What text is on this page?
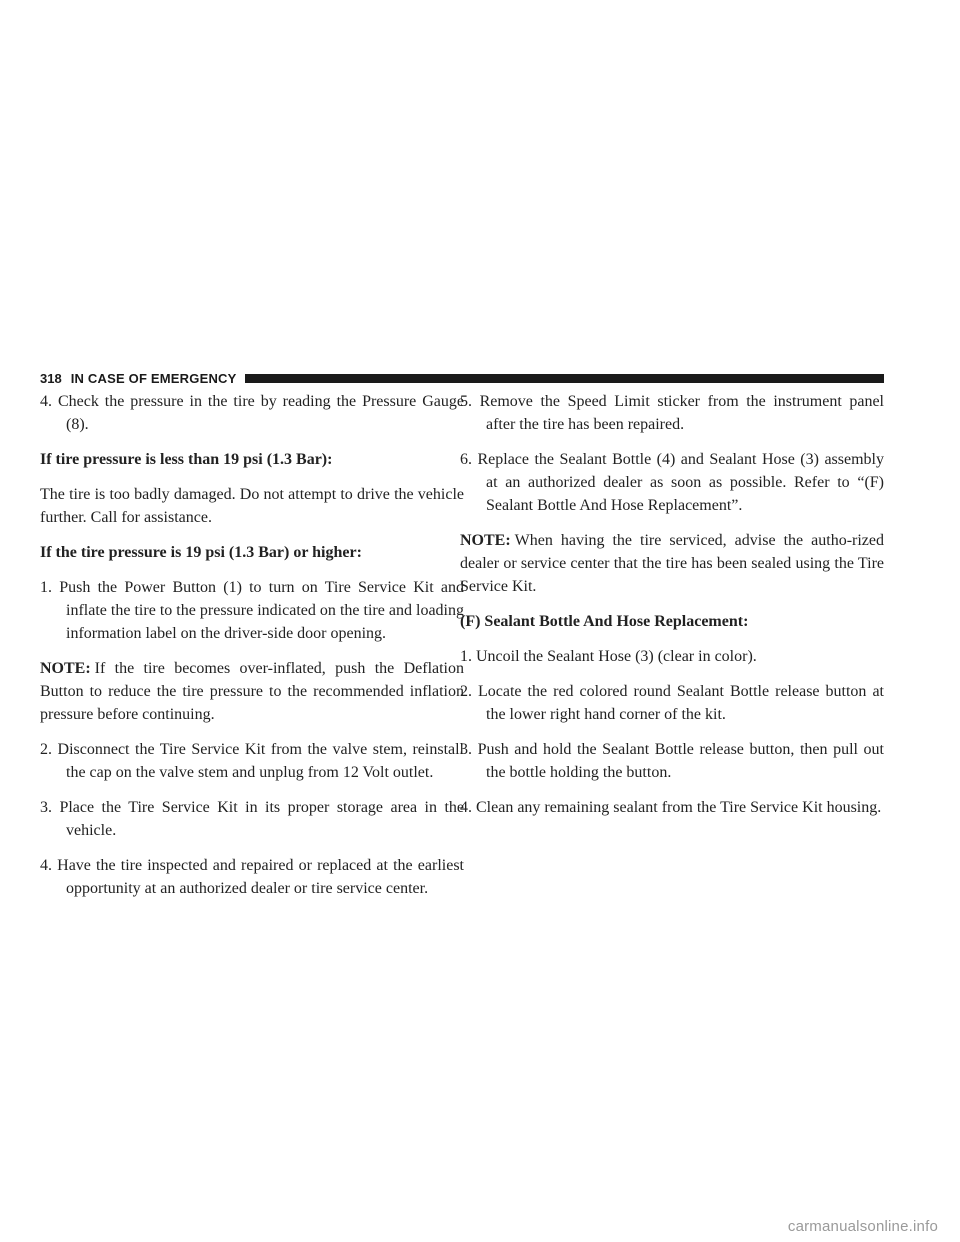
318 IN CASE OF EMERGENCY

4. Check the pressure in the tire by reading the Pressure Gauge (8).

If tire pressure is less than 19 psi (1.3 Bar):

The tire is too badly damaged. Do not attempt to drive the vehicle further. Call for assistance.

If the tire pressure is 19 psi (1.3 Bar) or higher:

1. Push the Power Button (1) to turn on Tire Service Kit and inflate the tire to the pressure indicated on the tire and loading information label on the driver-side door opening.

NOTE: If the tire becomes over-inflated, push the Deflation Button to reduce the tire pressure to the recommended inflation pressure before continuing.

2. Disconnect the Tire Service Kit from the valve stem, reinstall the cap on the valve stem and unplug from 12 Volt outlet.

3. Place the Tire Service Kit in its proper storage area in the vehicle.

4. Have the tire inspected and repaired or replaced at the earliest opportunity at an authorized dealer or tire service center.

5. Remove the Speed Limit sticker from the instrument panel after the tire has been repaired.

6. Replace the Sealant Bottle (4) and Sealant Hose (3) assembly at an authorized dealer as soon as possible. Refer to “(F) Sealant Bottle And Hose Replacement”.

NOTE: When having the tire serviced, advise the autho-rized dealer or service center that the tire has been sealed using the Tire Service Kit.

(F) Sealant Bottle And Hose Replacement:

1. Uncoil the Sealant Hose (3) (clear in color).

2. Locate the red colored round Sealant Bottle release button at the lower right hand corner of the kit.

3. Push and hold the Sealant Bottle release button, then pull out the bottle holding the button.

4. Clean any remaining sealant from the Tire Service Kit housing.

carmanualsonline.info
